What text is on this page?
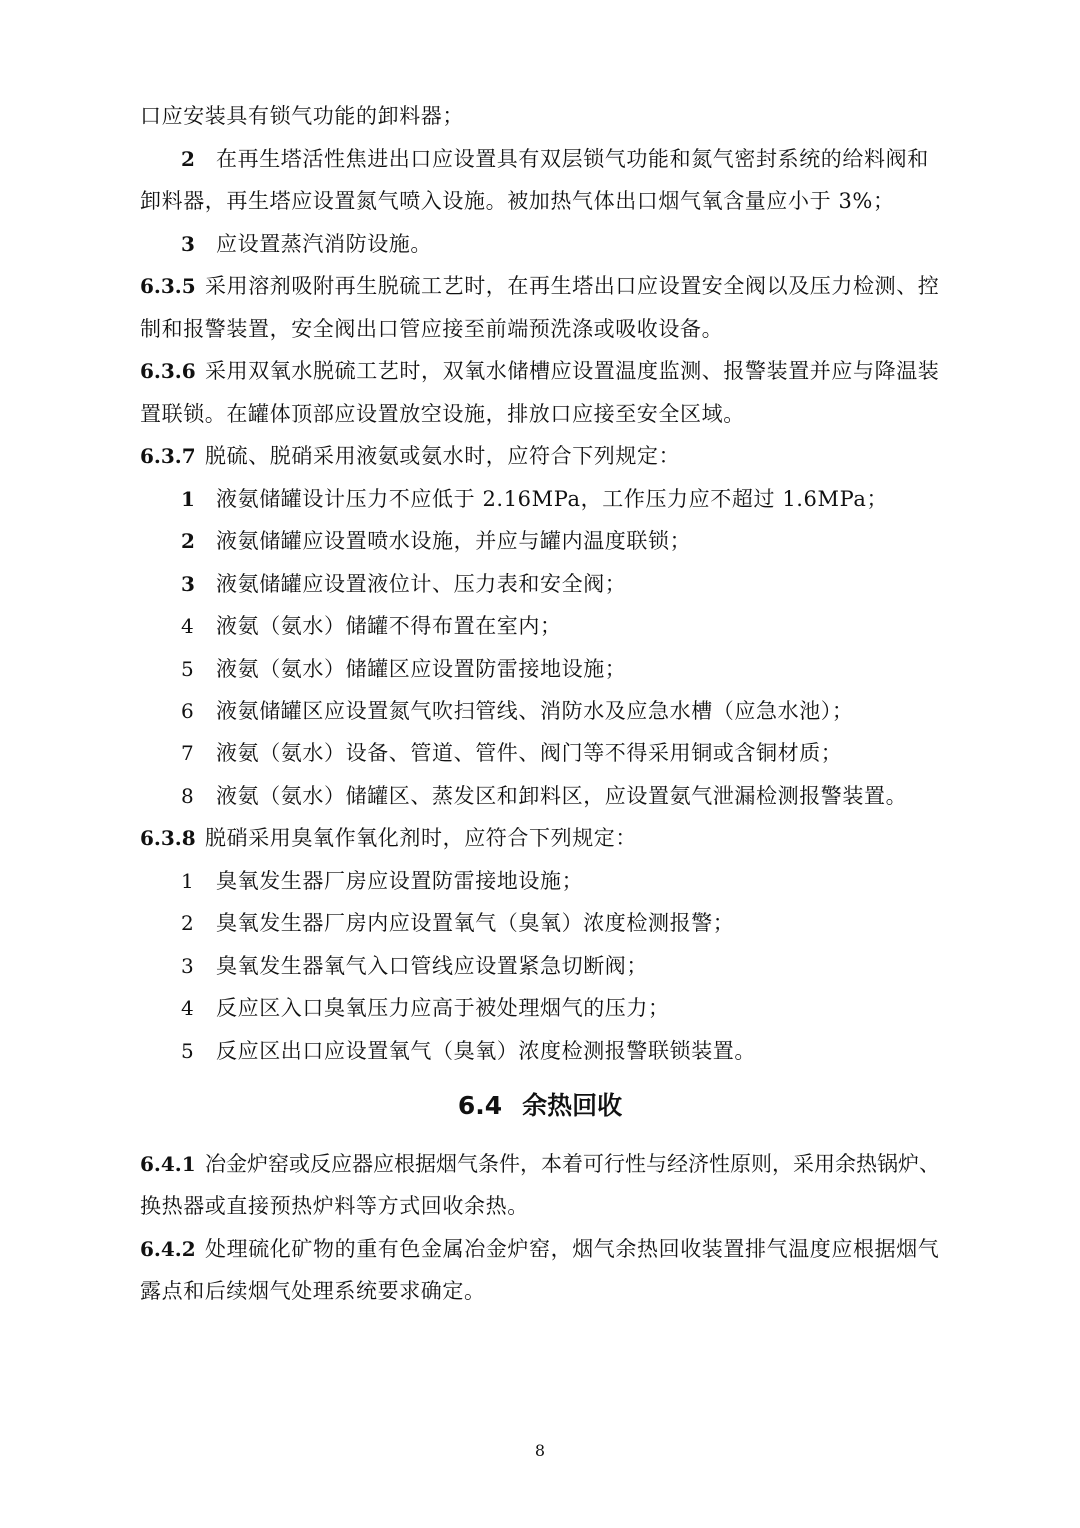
口应安装具有锁气功能的卸料器；
2 在再生塔活性焦进出口应设置具有双层锁气功能和氮气密封系统的给料阀和
卸料器，再生塔应设置氮气喷入设施。被加热气体出口烟气氧含量应小于 3%；
3 应设置蒸汽消防设施。
6.3.5 采用溶剂吸附再生脱硫工艺时，在再生塔出口应设置安全阀以及压力检测、控
制和报警装置，安全阀出口管应接至前端预洗涤或吸收设备。
6.3.6 采用双氧水脱硫工艺时，双氧水储槽应设置温度监测、报警装置并应与降温装
置联锁。在罐体顶部应设置放空设施，排放口应接至安全区域。
6.3.7 脱硫、脱硝采用液氨或氨水时，应符合下列规定：
1 液氨储罐设计压力不应低于 2.16MPa，工作压力应不超过 1.6MPa；
2 液氨储罐应设置喷水设施，并应与罐内温度联锁；
3 液氨储罐应设置液位计、压力表和安全阀；
4 液氨（氨水）储罐不得布置在室内；
5 液氨（氨水）储罐区应设置防雷接地设施；
6 液氨储罐区应设置氮气吹扫管线、消防水及应急水槽（应急水池）；
7 液氨（氨水）设备、管道、管件、阀门等不得采用铜或含铜材质；
8 液氨（氨水）储罐区、蒸发区和卸料区，应设置氨气泄漏检测报警装置。
6.3.8 脱硝采用臭氧作氧化剂时，应符合下列规定：
1 臭氧发生器厂房应设置防雷接地设施；
2 臭氧发生器厂房内应设置氧气（臭氧）浓度检测报警；
3 臭氧发生器氧气入口管线应设置紧急切断阀；
4 反应区入口臭氧压力应高于被处理烟气的压力；
5 反应区出口应设置氧气（臭氧）浓度检测报警联锁装置。
6.4 余热回收
6.4.1 冶金炉窑或反应器应根据烟气条件，本着可行性与经济性原则，采用余热锅炉、
换热器或直接预热炉料等方式回收余热。
6.4.2 处理硫化矿物的重有色金属冶金炉窑，烟气余热回收装置排气温度应根据烟气
露点和后续烟气处理系统要求确定。
8
